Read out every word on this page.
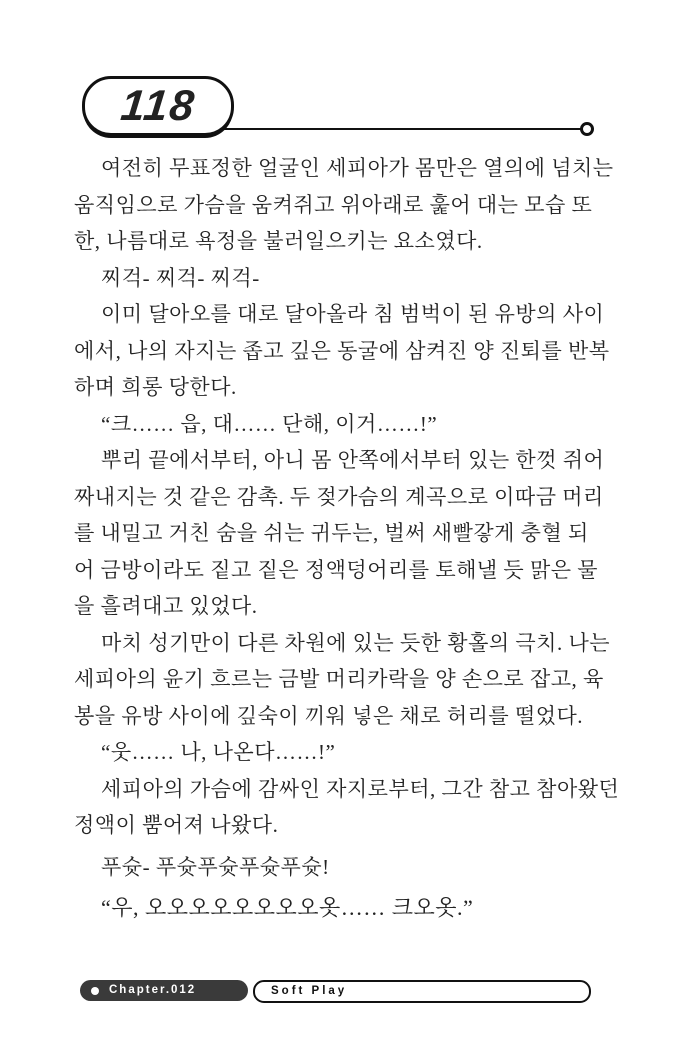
118
여전히 무표정한 얼굴인 세피아가 몸만은 열의에 넘치는
움직임으로 가슴을 움켜쥐고 위아래로 훑어 대는 모습 또
한, 나름대로 욕정을 불러일으키는 요소였다.
찌걱- 찌걱- 찌걱-
이미 달아오를 대로 달아올라 침 범벅이 된 유방의 사이
에서, 나의 자지는 좁고 깊은 동굴에 삼켜진 양 진퇴를 반복
하며 희롱 당한다.
“크…… 읍, 대…… 단해, 이거……!”
뿌리 끝에서부터, 아니 몸 안쪽에서부터 있는 한껏 쥐어
짜내지는 것 같은 감촉. 두 젖가슴의 계곡으로 이따금 머리
를 내밀고 거친 숨을 쉬는 귀두는, 벌써 새빨갛게 충혈 되
어 금방이라도 짙고 짙은 정액덩어리를 토해낼 듯 맑은 물
을 흘려대고 있었다.
마치 성기만이 다른 차원에 있는 듯한 황홀의 극치. 나는
세피아의 윤기 흐르는 금발 머리카락을 양 손으로 잡고, 육
봉을 유방 사이에 깊숙이 끼워 넣은 채로 허리를 떨었다.
“웃…… 나, 나온다……!”
세피아의 가슴에 감싸인 자지로부터, 그간 참고 참아왔던
정액이 뿜어져 나왔다.
푸슛- 푸슛푸슛푸슛푸슛!
“우, 오오오오오오오오옷…… 크오옷.”
Chapter.012	Soft Play
